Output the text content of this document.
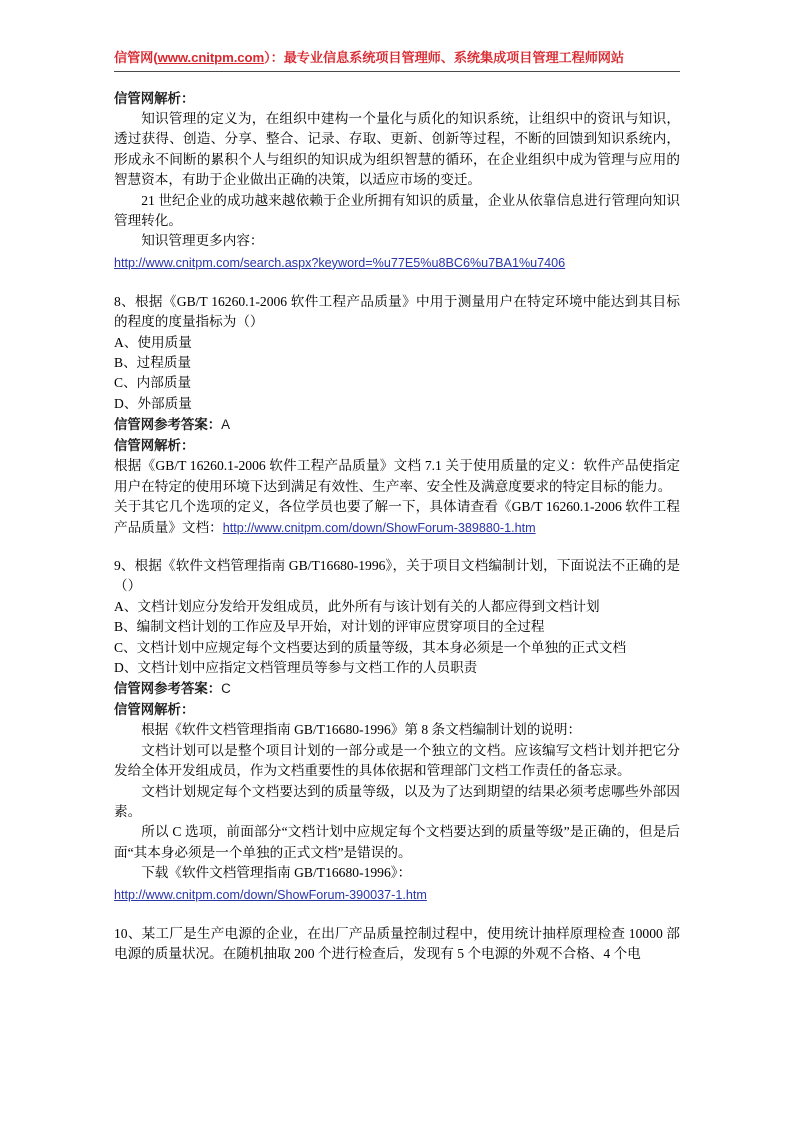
信管网(www.cnitpm.com）：最专业信息系统项目管理师、系统集成项目管理工程师网站

信管网解析：

知识管理的定义为，在组织中建构一个量化与质化的知识系统，让组织中的资讯与知识，透过获得、创造、分享、整合、记录、存取、更新、创新等过程，不断的回馈到知识系统内，形成永不间断的累积个人与组织的知识成为组织智慧的循环，在企业组织中成为管理与应用的智慧资本，有助于企业做出正确的决策，以适应市场的变迁。

21 世纪企业的成功越来越依赖于企业所拥有知识的质量，企业从依靠信息进行管理向知识管理转化。

知识管理更多内容：

http://www.cnitpm.com/search.aspx?keyword=%u77E5%u8BC6%u7BA1%u7406

8、根据《GB/T 16260.1-2006 软件工程产品质量》中用于测量用户在特定环境中能达到其目标的程度的度量指标为（）

A、使用质量

B、过程质量

C、内部质量

D、外部质量

信管网参考答案：A

信管网解析：

根据《GB/T 16260.1-2006 软件工程产品质量》文档 7.1 关于使用质量的定义：软件产品使指定用户在特定的使用环境下达到满足有效性、生产率、安全性及满意度要求的特定目标的能力。

关于其它几个选项的定义，各位学员也要了解一下，具体请查看《GB/T 16260.1-2006 软件工程产品质量》文档：http://www.cnitpm.com/down/ShowForum-389880-1.htm

9、根据《软件文档管理指南 GB/T16680-1996》，关于项目文档编制计划，下面说法不正确的是（）

A、文档计划应分发给开发组成员，此外所有与该计划有关的人都应得到文档计划

B、编制文档计划的工作应及早开始，对计划的评审应贯穿项目的全过程

C、文档计划中应规定每个文档要达到的质量等级，其本身必须是一个单独的正式文档

D、文档计划中应指定文档管理员等参与文档工作的人员职责

信管网参考答案：C

信管网解析：

根据《软件文档管理指南 GB/T16680-1996》第 8 条文档编制计划的说明：

文档计划可以是整个项目计划的一部分或是一个独立的文档。应该编写文档计划并把它分发给全体开发组成员，作为文档重要性的具体依据和管理部门文档工作责任的备忘录。

文档计划规定每个文档要达到的质量等级，以及为了达到期望的结果必须考虑哪些外部因素。

所以 C 选项，前面部分“文档计划中应规定每个文档要达到的质量等级”是正确的，但是后面“其本身必须是一个单独的正式文档”是错误的。

下载《软件文档管理指南 GB/T16680-1996》：

http://www.cnitpm.com/down/ShowForum-390037-1.htm

10、某工厂是生产电源的企业，在出厂产品质量控制过程中，使用统计抽样原理检查 10000 部电源的质量状况。在随机抽取 200 个进行检查后，发现有 5 个电源的外观不合格、4 个电
